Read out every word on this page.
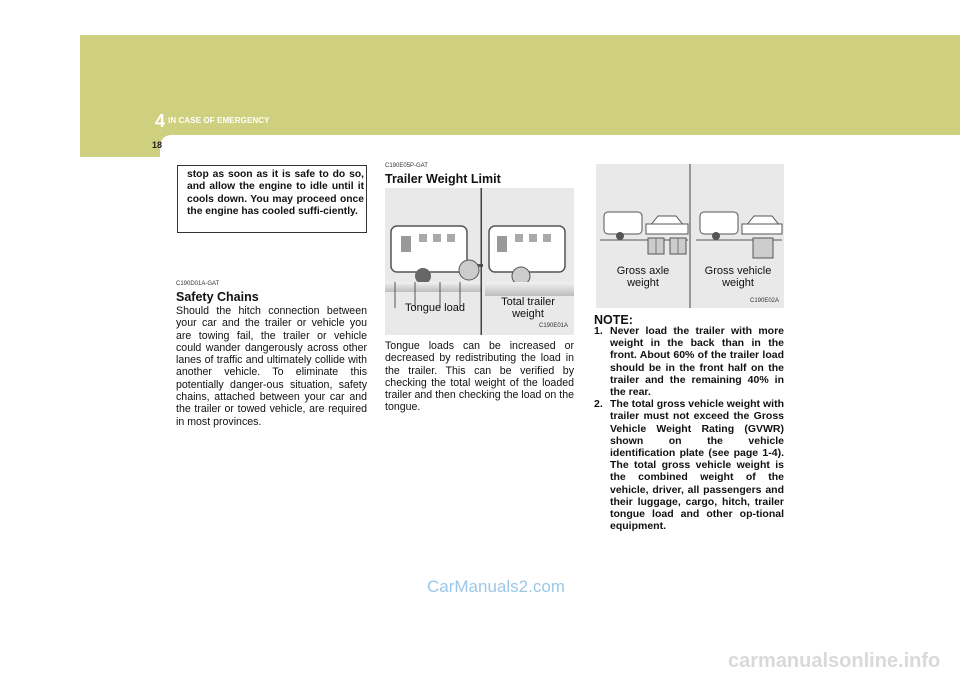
4 IN CASE OF EMERGENCY
18
stop as soon as it is safe to do so, and allow the engine to idle until it cools down. You may proceed once the engine has cooled suffi-ciently.
C190D01A-GAT
Safety Chains
Should the hitch connection between your car and the trailer or vehicle you are towing fail, the trailer or vehicle could wander dangerously across other lanes of traffic and ultimately collide with another vehicle. To eliminate this potentially danger-ous situation, safety chains, attached between your car and the trailer or towed vehicle, are required in most provinces.
C190E05P-GAT
Trailer Weight Limit
Tongue load	Total trailer
weight
C190E01A
Tongue loads can be increased or decreased by redistributing the load in the trailer. This can be verified by checking the total weight of the loaded trailer and then checking the load on the tongue.
Gross axle
weight
Gross vehicle
weight
C190E02A
NOTE:
1. Never load the trailer with more weight in the back than in the front. About 60% of the trailer load should be in the front half on the trailer and the remaining 40% in the rear.
2. The total gross vehicle weight with trailer must not exceed the Gross Vehicle Weight Rating (GVWR) shown on the vehicle identification plate (see page 1-4). The total gross vehicle weight is the combined weight of the vehicle, driver, all passengers and their luggage, cargo, hitch, trailer tongue load and other op-tional equipment.
CarManuals2.com
carmanualsonline.info
